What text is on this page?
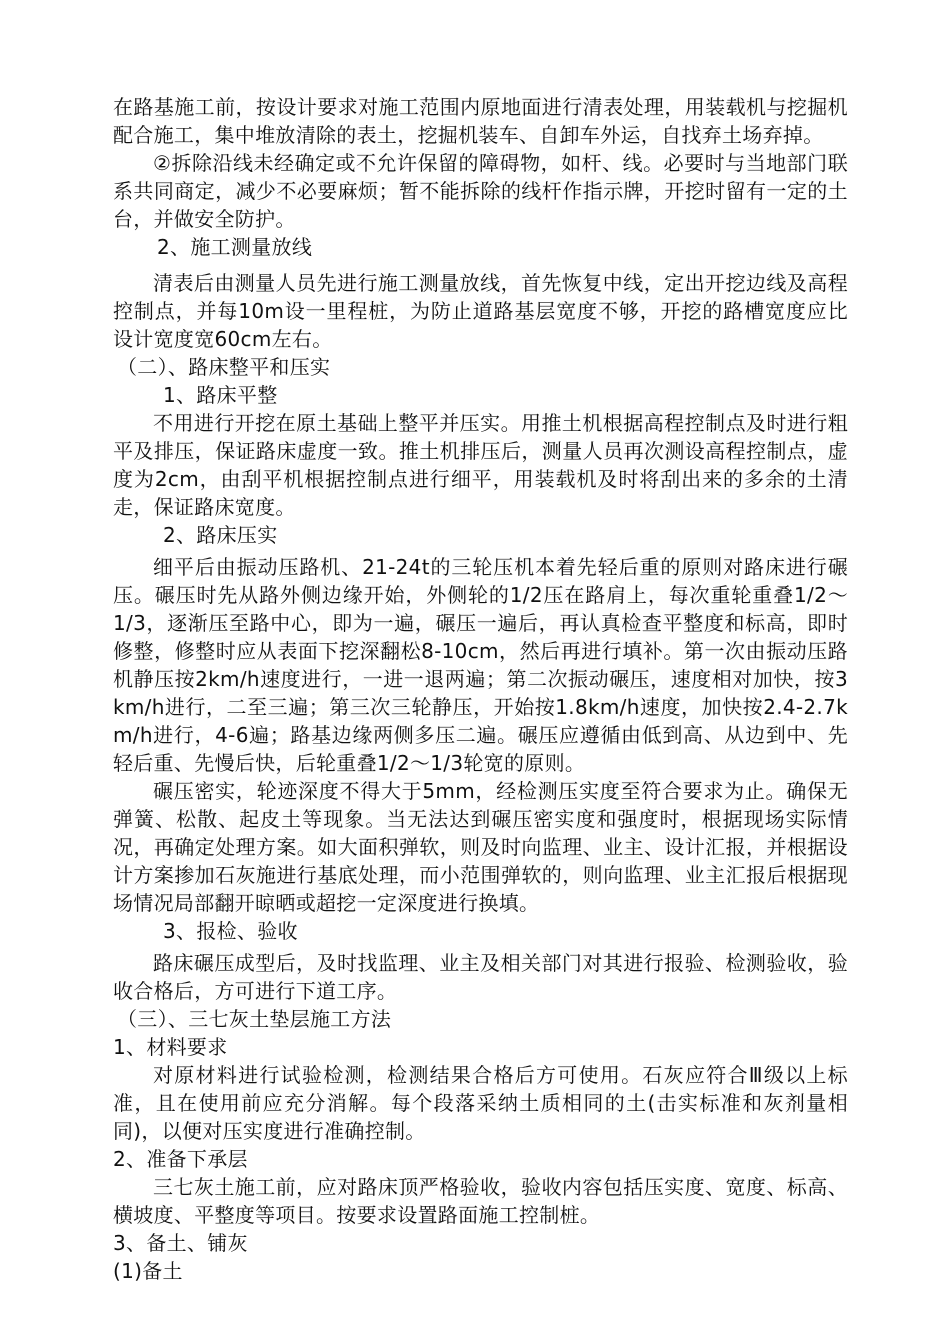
在路基施工前，按设计要求对施工范围内原地面进行清表处理，用装载机与挖掘机配合施工，集中堆放清除的表土，挖掘机装车、自卸车外运，自找弃土场弃掉。

②拆除沿线未经确定或不允许保留的障碍物，如杆、线。必要时与当地部门联系共同商定，减少不必要麻烦；暂不能拆除的线杆作指示牌，开挖时留有一定的土台，并做安全防护。

2、施工测量放线

清表后由测量人员先进行施工测量放线，首先恢复中线，定出开挖边线及高程控制点，并每10m设一里程桩，为防止道路基层宽度不够，开挖的路槽宽度应比设计宽度宽60cm左右。

（二）、路床整平和压实

1、路床平整

不用进行开挖在原土基础上整平并压实。用推土机根据高程控制点及时进行粗平及排压，保证路床虚度一致。推土机排压后，测量人员再次测设高程控制点，虚度为2cm，由刮平机根据控制点进行细平，用装载机及时将刮出来的多余的土清走，保证路床宽度。

2、路床压实

细平后由振动压路机、21-24t的三轮压机本着先轻后重的原则对路床进行碾压。碾压时先从路外侧边缘开始，外侧轮的1/2压在路肩上，每次重轮重叠1/2～1/3，逐渐压至路中心，即为一遍，碾压一遍后，再认真检查平整度和标高，即时修整，修整时应从表面下挖深翻松8-10cm，然后再进行填补。第一次由振动压路机静压按2km/h速度进行，一进一退两遍；第二次振动碾压，速度相对加快，按3km/h进行，二至三遍；第三次三轮静压，开始按1.8km/h速度，加快按2.4-2.7km/h进行，4-6遍；路基边缘两侧多压二遍。碾压应遵循由低到高、从边到中、先轻后重、先慢后快，后轮重叠1/2～1/3轮宽的原则。

碾压密实，轮迹深度不得大于5mm，经检测压实度至符合要求为止。确保无弹簧、松散、起皮土等现象。当无法达到碾压密实度和强度时，根据现场实际情况，再确定处理方案。如大面积弹软，则及时向监理、业主、设计汇报，并根据设计方案掺加石灰施进行基底处理，而小范围弹软的，则向监理、业主汇报后根据现场情况局部翻开晾晒或超挖一定深度进行换填。

3、报检、验收

路床碾压成型后，及时找监理、业主及相关部门对其进行报验、检测验收，验收合格后，方可进行下道工序。

（三）、三七灰土垫层施工方法

1、材料要求

对原材料进行试验检测，检测结果合格后方可使用。石灰应符合Ⅲ级以上标准，且在使用前应充分消解。每个段落采纳土质相同的土(击实标准和灰剂量相同)，以便对压实度进行准确控制。

2、准备下承层

三七灰土施工前，应对路床顶严格验收，验收内容包括压实度、宽度、标高、横坡度、平整度等项目。按要求设置路面施工控制桩。

3、备土、铺灰

(1)备土
